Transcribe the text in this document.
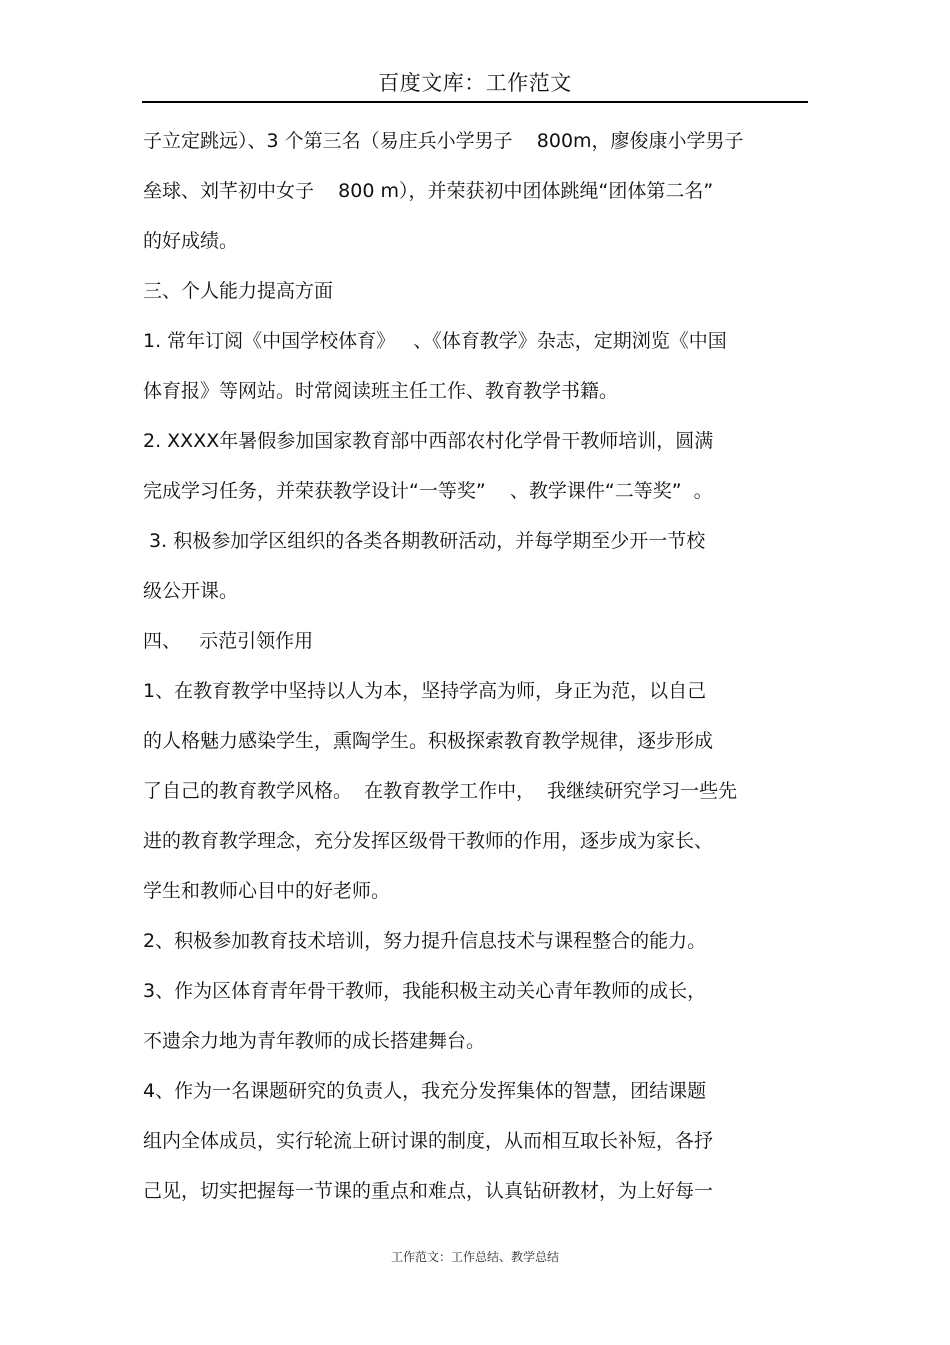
百度文库：工作范文
子立定跳远）、3 个第三名（易庄兵小学男子    800m，廖俊康小学男子
垒球、刘芊初中女子    800 m），并荣获初中团体跳绳“团体第二名”
的好成绩。
三、个人能力提高方面
1. 常年订阅《中国学校体育》   、《体育教学》杂志，定期浏览《中国
体育报》等网站。时常阅读班主任工作、教育教学书籍。
2. XXXX年暑假参加国家教育部中西部农村化学骨干教师培训，圆满
完成学习任务，并荣获教学设计“一等奖”    、教学课件“二等奖”  。
3. 积极参加学区组织的各类各期教研活动，并每学期至少开一节校
级公开课。
四、   示范引领作用
1、在教育教学中坚持以人为本，坚持学高为师，身正为范，以自己
的人格魅力感染学生，熏陶学生。积极探索教育教学规律，逐步形成
了自己的教育教学风格。  在教育教学工作中，  我继续研究学习一些先
进的教育教学理念，充分发挥区级骨干教师的作用，逐步成为家长、
学生和教师心目中的好老师。
2、积极参加教育技术培训，努力提升信息技术与课程整合的能力。
3、作为区体育青年骨干教师，我能积极主动关心青年教师的成长，
不遗余力地为青年教师的成长搭建舞台。
4、作为一名课题研究的负责人，我充分发挥集体的智慧，团结课题
组内全体成员，实行轮流上研讨课的制度，从而相互取长补短，各抒
己见，切实把握每一节课的重点和难点，认真钻研教材，为上好每一
工作范文：工作总结、教学总结
